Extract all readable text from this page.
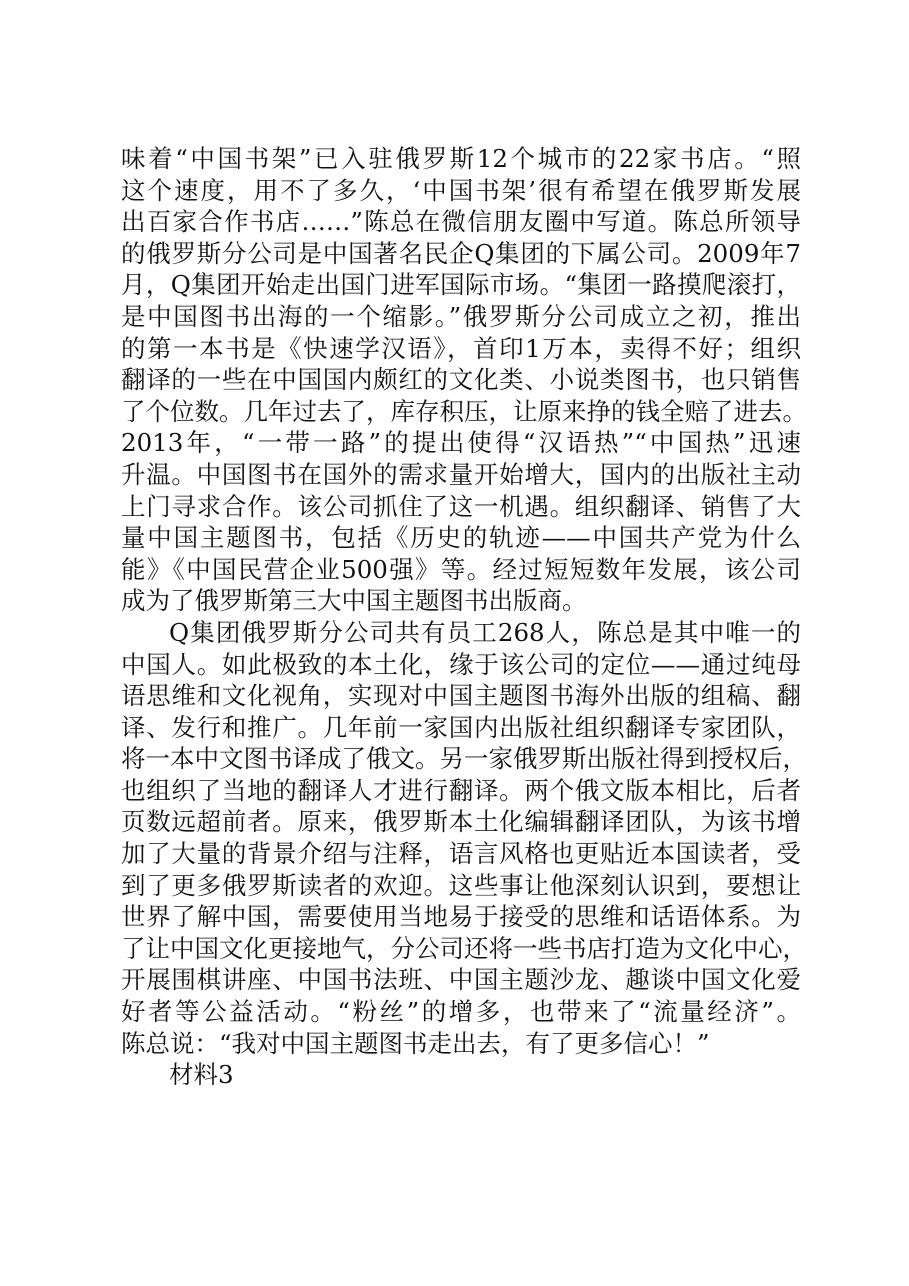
味着“中国书架”已入驻俄罗斯12个城市的22家书店。“照
这个速度，用不了多久，‘中国书架’很有希望在俄罗斯发展
出百家合作书店……”陈总在微信朋友圈中写道。陈总所领导
的俄罗斯分公司是中国著名民企Q集团的下属公司。2009年7
月，Q集团开始走出国门进军国际市场。“集团一路摸爬滚打，
是中国图书出海的一个缩影。”俄罗斯分公司成立之初，推出
的第一本书是《快速学汉语》，首印1万本，卖得不好；组织
翻译的一些在中国国内颇红的文化类、小说类图书，也只销售
了个位数。几年过去了，库存积压，让原来挣的钱全赔了进去。
2013年，“一带一路”的提出使得“汉语热”“中国热”迅速
升温。中国图书在国外的需求量开始增大，国内的出版社主动
上门寻求合作。该公司抓住了这一机遇。组织翻译、销售了大
量中国主题图书，包括《历史的轨迹——中国共产党为什么
能》《中国民营企业500强》等。经过短短数年发展，该公司
成为了俄罗斯第三大中国主题图书出版商。
Q集团俄罗斯分公司共有员工268人，陈总是其中唯一的
中国人。如此极致的本土化，缘于该公司的定位——通过纯母
语思维和文化视角，实现对中国主题图书海外出版的组稿、翻
译、发行和推广。几年前一家国内出版社组织翻译专家团队，
将一本中文图书译成了俄文。另一家俄罗斯出版社得到授权后，
也组织了当地的翻译人才进行翻译。两个俄文版本相比，后者
页数远超前者。原来，俄罗斯本土化编辑翻译团队，为该书增
加了大量的背景介绍与注释，语言风格也更贴近本国读者，受
到了更多俄罗斯读者的欢迎。这些事让他深刻认识到，要想让
世界了解中国，需要使用当地易于接受的思维和话语体系。为
了让中国文化更接地气，分公司还将一些书店打造为文化中心，
开展围棋讲座、中国书法班、中国主题沙龙、趣谈中国文化爱
好者等公益活动。“粉丝”的增多，也带来了“流量经济”。
陈总说：“我对中国主题图书走出去，有了更多信心！”
材料3
